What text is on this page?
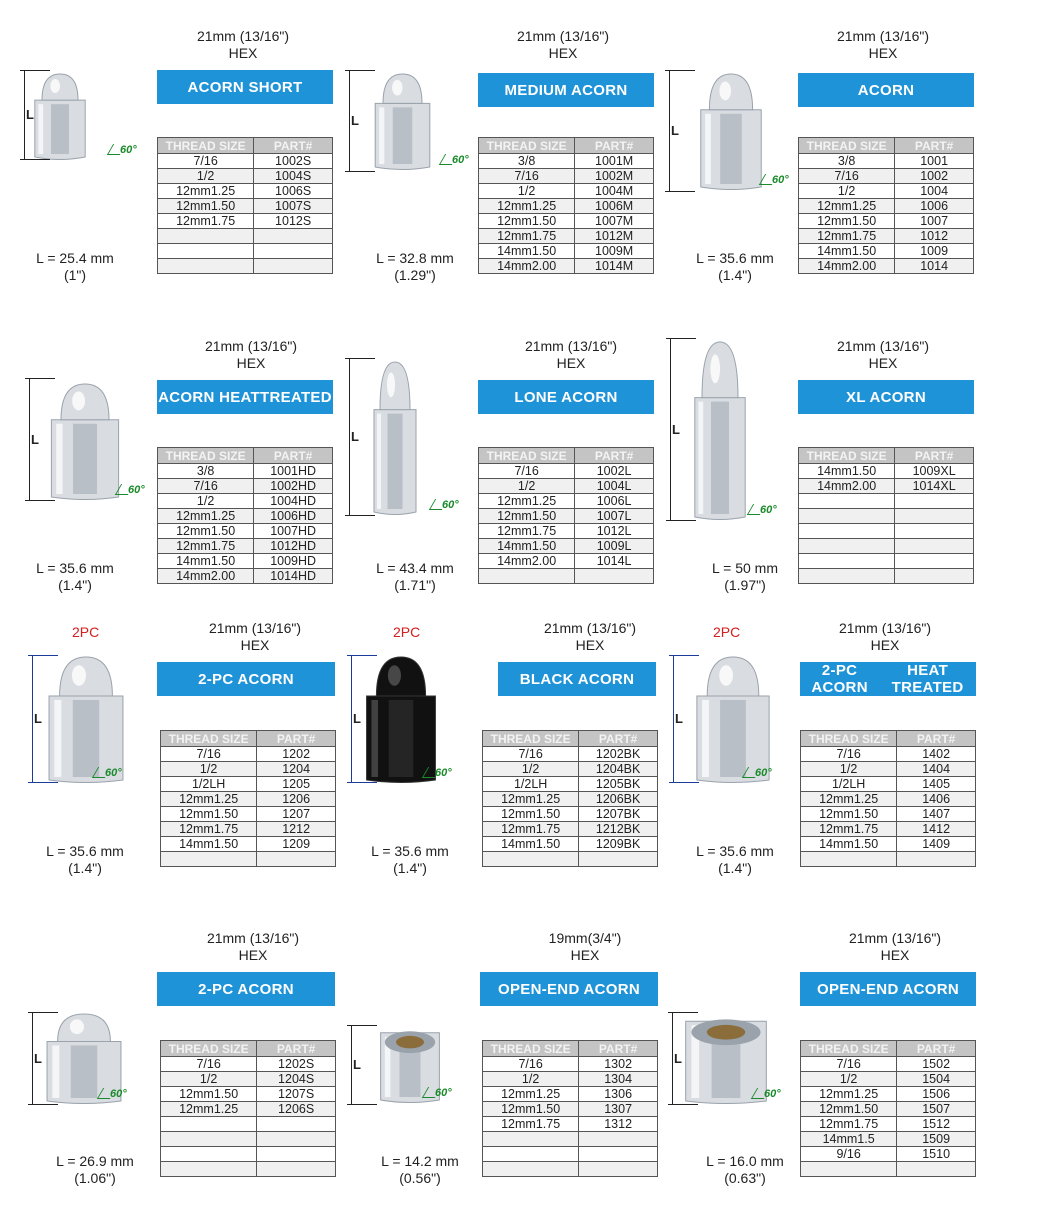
21mm (13/16")
HEX
ACORN SHORT
THREAD SIZE	PART#
7/16	1002S
1/2	1004S
12mm1.25	1006S
12mm1.50	1007S
12mm1.75	1012S

L = 25.4 mm
(1")
L
60°
21mm (13/16")
HEX
MEDIUM ACORN
THREAD SIZE	PART#
3/8	1001M
7/16	1002M
1/2	1004M
12mm1.25	1006M
12mm1.50	1007M
12mm1.75	1012M
14mm1.50	1009M
14mm2.00	1014M
L = 32.8 mm
(1.29")
L
60°
21mm (13/16")
HEX
ACORN
THREAD SIZE	PART#
3/8	1001
7/16	1002
1/2	1004
12mm1.25	1006
12mm1.50	1007
12mm1.75	1012
14mm1.50	1009
14mm2.00	1014
L = 35.6 mm
(1.4")
L
60°
21mm (13/16")
HEX
ACORN HEAT TREATED
THREAD SIZE	PART#
3/8	1001HD
7/16	1002HD
1/2	1004HD
12mm1.25	1006HD
12mm1.50	1007HD
12mm1.75	1012HD
14mm1.50	1009HD
14mm2.00	1014HD
L = 35.6 mm
(1.4")
L
60°
21mm (13/16")
HEX
LONE ACORN
THREAD SIZE	PART#
7/16	1002L
1/2	1004L
12mm1.25	1006L
12mm1.50	1007L
12mm1.75	1012L
14mm1.50	1009L
14mm2.00	1014L

L = 43.4 mm
(1.71")
L
60°
21mm (13/16")
HEX
XL ACORN
THREAD SIZE	PART#
14mm1.50	1009XL
14mm2.00	1014XL

L = 50 mm
(1.97")
L
60°
21mm (13/16")
HEX
2-PC ACORN
THREAD SIZE	PART#
7/16	1202
1/2	1204
1/2LH	1205
12mm1.25	1206
12mm1.50	1207
12mm1.75	1212
14mm1.50	1209

L = 35.6 mm
(1.4")
2PC
L
60°
21mm (13/16")
HEX
BLACK ACORN
THREAD SIZE	PART#
7/16	1202BK
1/2	1204BK
1/2LH	1205BK
12mm1.25	1206BK
12mm1.50	1207BK
12mm1.75	1212BK
14mm1.50	1209BK

L = 35.6 mm
(1.4")
2PC
L
60°
21mm (13/16")
HEX
2-PC ACORN
HEAT TREATED
THREAD SIZE	PART#
7/16	1402
1/2	1404
1/2LH	1405
12mm1.25	1406
12mm1.50	1407
12mm1.75	1412
14mm1.50	1409

L = 35.6 mm
(1.4")
2PC
L
60°
21mm (13/16")
HEX
2-PC ACORN
THREAD SIZE	PART#
7/16	1202S
1/2	1204S
12mm1.50	1207S
12mm1.25	1206S

L = 26.9 mm
(1.06")
L
60°
19mm(3/4")
HEX
OPEN-END ACORN
THREAD SIZE	PART#
7/16	1302
1/2	1304
12mm1.25	1306
12mm1.50	1307
12mm1.75	1312

L = 14.2 mm
(0.56")
L
60°
21mm (13/16")
HEX
OPEN-END ACORN
THREAD SIZE	PART#
7/16	1502
1/2	1504
12mm1.25	1506
12mm1.50	1507
12mm1.75	1512
14mm1.5	1509
9/16	1510

L = 16.0 mm
(0.63")
L
60°
